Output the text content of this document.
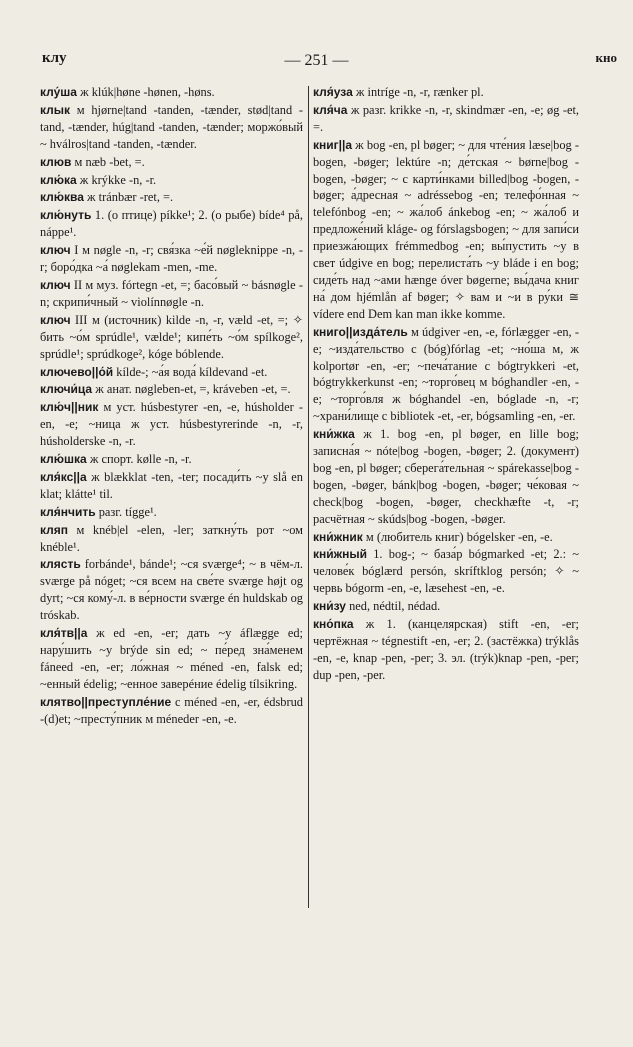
клу	— 251 —	кно
клу́ша ж klúk|høne -hønen, -høns.
клык м hjørne|tand -tanden, -tænder, stød|tand -tand, -tænder, húg|tand -tanden, -tænder; моржо́вый ~ hválros|tand -tanden, -tænder.
клюв м næb -bet, =.
клю́ка ж krýkke -n, -r.
клю́ква ж tránbær -ret, =.
клю́нуть 1. (о птице) píkke¹; 2. (о рыбе) bíde⁴ på, náppe¹.
ключ I м nøgle -n, -r; свя́зка ~е́й nøgleknippe -n, -r; боро́дка ~а́ nøglekam -men, -me.
ключ II м муз. fórtegn -et, =; басо́вый ~ básnøgle -n; скрипи́чный ~ violínnøgle -n.
ключ III м (источник) kilde -n, -r, væld -et, =; ✧ бить ~о́м sprúdle¹, vælde¹; кипе́ть ~о́м spílkoge², sprúdle¹; sprúdkoge², kóge bóblende.
ключево||о́й kílde-; ~а́я вода́ kíldevand -et.
ключи́ца ж анат. nøgleben-et, =, kráveben -et, =.
клю́ч||ник м уст. húsbestyrer -en, -e, húsholder -en, -e; ~ница ж уст. húsbestyrerinde -n, -r, húsholderske -n, -r.
клю́шка ж спорт. kølle -n, -r.
кля́кс||а ж blækklat -ten, -ter; посади́ть ~у slå en klat; klátte¹ til.
кля́нчить разг. tígge¹.
кляп м knéb|el -elen, -ler; заткну́ть рот ~ом knéble¹.
клясть forbánde¹, bánde¹; ~ся sværge⁴; ~ в чём-л. sværge på nóget; ~ся всем на све́те sværge højt og dyrt; ~ся кому́-л. в ве́рности sværge én huldskab og tróskab.
кля́тв||а ж ed -en, -er; дать ~у áflægge ed; нару́шить ~у brýde sin ed; ~ пе́ред зна́менем fáneed -en, -er; ло́жная ~ méned -en, falsk ed; ~енный édelig; ~енное заверéние édelig tílsikring.
клятво||преступле́ние с méned -en, -er, édsbrud -(d)et; ~престу́пник м méneder -en, -e.
кля́уза ж intríge -n, -r, rænker pl.
кля́ча ж разг. krikke -n, -r, skindmær -en, -e; øg -et, =.
книг||а ж bog -en, pl bøger; ~ для чте́ния læse|bog -bogen, -bøger; lektúre -n; де́тская ~ børne|bog -bogen, -bøger; ~ с карти́нками billed|bog -bogen, -bøger; а́дресная ~ adréssebog -en; телефо́нная ~ telefónbog -en; ~ жа́лоб ánkebog -en; ~ жа́лоб и предложе́ний kláge- og fórslagsbogen; ~ для запи́си приезжа́ющих frémmedbog -en; вы́пустить ~у в свет údgive en bog; перелиста́ть ~у bláde i en bog; сиде́ть над ~ами hænge óver bøgerne; вы́дача книг на́ дом hjémlån af bøger; ✧ вам и ~и в ру́ки ≅ vídere end Dem kan man ikke komme.
книго||изда́тель м údgiver -en, -e, fórlægger -en, -e; ~изда́тельство с (bóg)fórlag -et; ~но́ша м, ж kolportør -en, -er; ~печа́тание с bógtrykkeri -et, bógtrykkerkunst -en; ~торго́вец м bóghandler -en, -e; ~торго́вля ж bóghandel -en, bóglade -n, -r; ~храни́лище с bibliotek -et, -er, bógsamling -en, -er.
кни́жка ж 1. bog -en, pl bøger, en lille bog; записна́я ~ nóte|bog -bogen, -bøger; 2. (документ) bog -en, pl bøger; сберега́тельная ~ spárekasse|bog -bogen, -bøger, bánk|bog -bogen, -bøger; че́ковая ~ check|bog -bogen, -bøger, checkhæfte -t, -r; расчётная ~ skúds|bog -bogen, -bøger.
кни́жник м (любитель книг) bógelsker -en, -e.
кни́жный 1. bog-; ~ база́р bógmarked -et; 2.: ~ челове́к bóglærd persón, skríftklog persón; ✧ ~ червь bógorm -en, -e, læsehest -en, -e.
кни́зу ned, nédtil, nédad.
кно́пка ж 1. (канцелярская) stift -en, -er; чертёжная ~ tégnestift -en, -er; 2. (застёжка) trýklås -en, -e, knap -pen, -per; 3. эл. (trýk)knap -pen, -per; dup -pen, -per.
